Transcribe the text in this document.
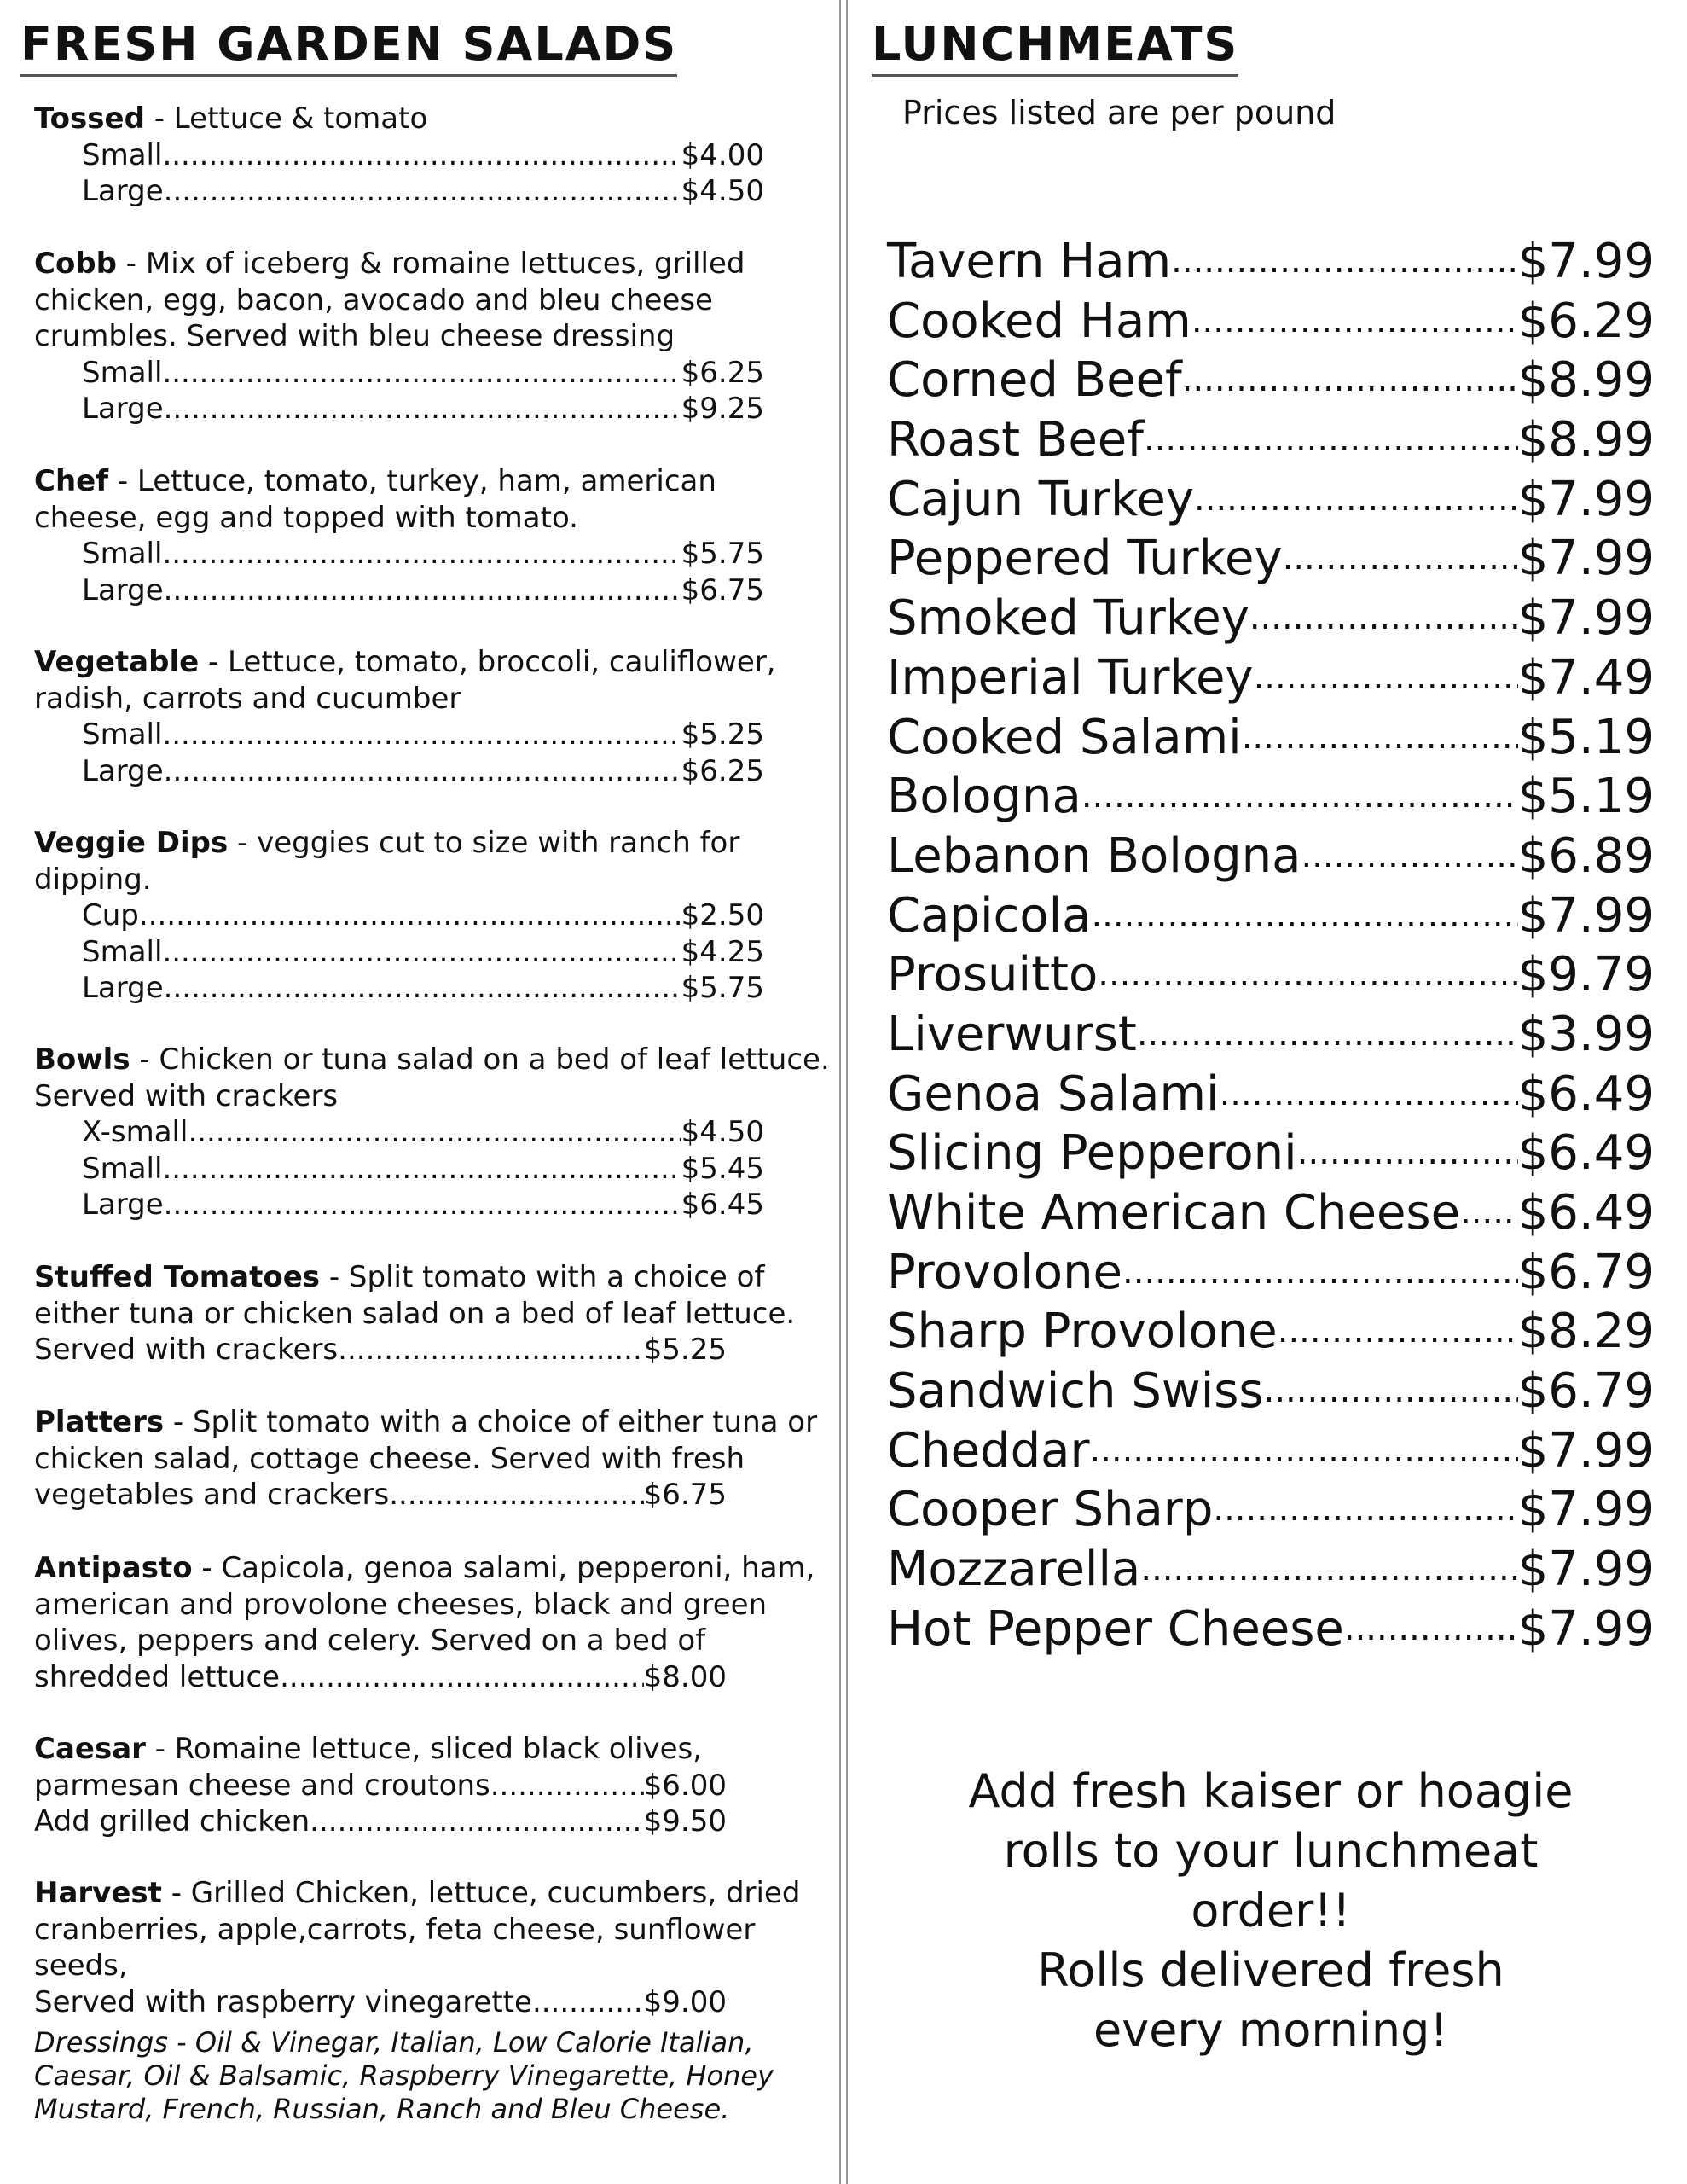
FRESH GARDEN SALADS
Tossed - Lettuce & tomato
Small .....	$4.00
Large .....	$4.50
Cobb - Mix of iceberg & romaine lettuces, grilled chicken, egg, bacon, avocado and bleu cheese crumbles. Served with bleu cheese dressing
Small .....	$6.25
Large .....	$9.25
Chef - Lettuce, tomato, turkey, ham, american cheese, egg and topped with tomato.
Small .....	$5.75
Large .....	$6.75
Vegetable - Lettuce, tomato, broccoli, cauliflower, radish, carrots and cucumber
Small .....	$5.25
Large .....	$6.25
Veggie Dips - veggies cut to size with ranch for dipping.
Cup .....	$2.50
Small .....	$4.25
Large .....	$5.75
Bowls - Chicken or tuna salad on a bed of leaf lettuce. Served with crackers
X-small .....	$4.50
Small .....	$5.45
Large .....	$6.45
Stuffed Tomatoes - Split tomato with a choice of either tuna or chicken salad on a bed of leaf lettuce.
Served with crackers .....	$5.25
Platters - Split tomato with a choice of either tuna or chicken salad, cottage cheese. Served with fresh
vegetables and crackers .....	$6.75
Antipasto - Capicola, genoa salami, pepperoni, ham, american and provolone cheeses, black and green olives, peppers and celery. Served on a bed of
shredded lettuce .....	$8.00
Caesar - Romaine lettuce, sliced black olives,
parmesan cheese and croutons .....	$6.00
Add grilled chicken .....	$9.50
Harvest - Grilled Chicken, lettuce, cucumbers, dried cranberries, apple,carrots, feta cheese, sunflower seeds,
Served with raspberry vinegarette .....	$9.00
Dressings - Oil & Vinegar, Italian, Low Calorie Italian, Caesar, Oil & Balsamic, Raspberry Vinegarette, Honey Mustard, French, Russian, Ranch and Bleu Cheese.
LUNCHMEATS
Prices listed are per pound
Tavern Ham .....	$7.99
Cooked Ham .....	$6.29
Corned Beef .....	$8.99
Roast Beef .....	$8.99
Cajun Turkey .....	$7.99
Peppered Turkey .....	$7.99
Smoked Turkey .....	$7.99
Imperial Turkey .....	$7.49
Cooked Salami .....	$5.19
Bologna .....	$5.19
Lebanon Bologna .....	$6.89
Capicola .....	$7.99
Prosuitto .....	$9.79
Liverwurst .....	$3.99
Genoa Salami .....	$6.49
Slicing Pepperoni .....	$6.49
White American Cheese ..... $6.49
Provolone .....	$6.79
Sharp Provolone .....	$8.29
Sandwich Swiss .....	$6.79
Cheddar .....	$7.99
Cooper Sharp .....	$7.99
Mozzarella .....	$7.99
Hot Pepper Cheese .....	$7.99
Add fresh kaiser or hoagie
rolls to your lunchmeat
order!!
Rolls delivered fresh
every morning!
